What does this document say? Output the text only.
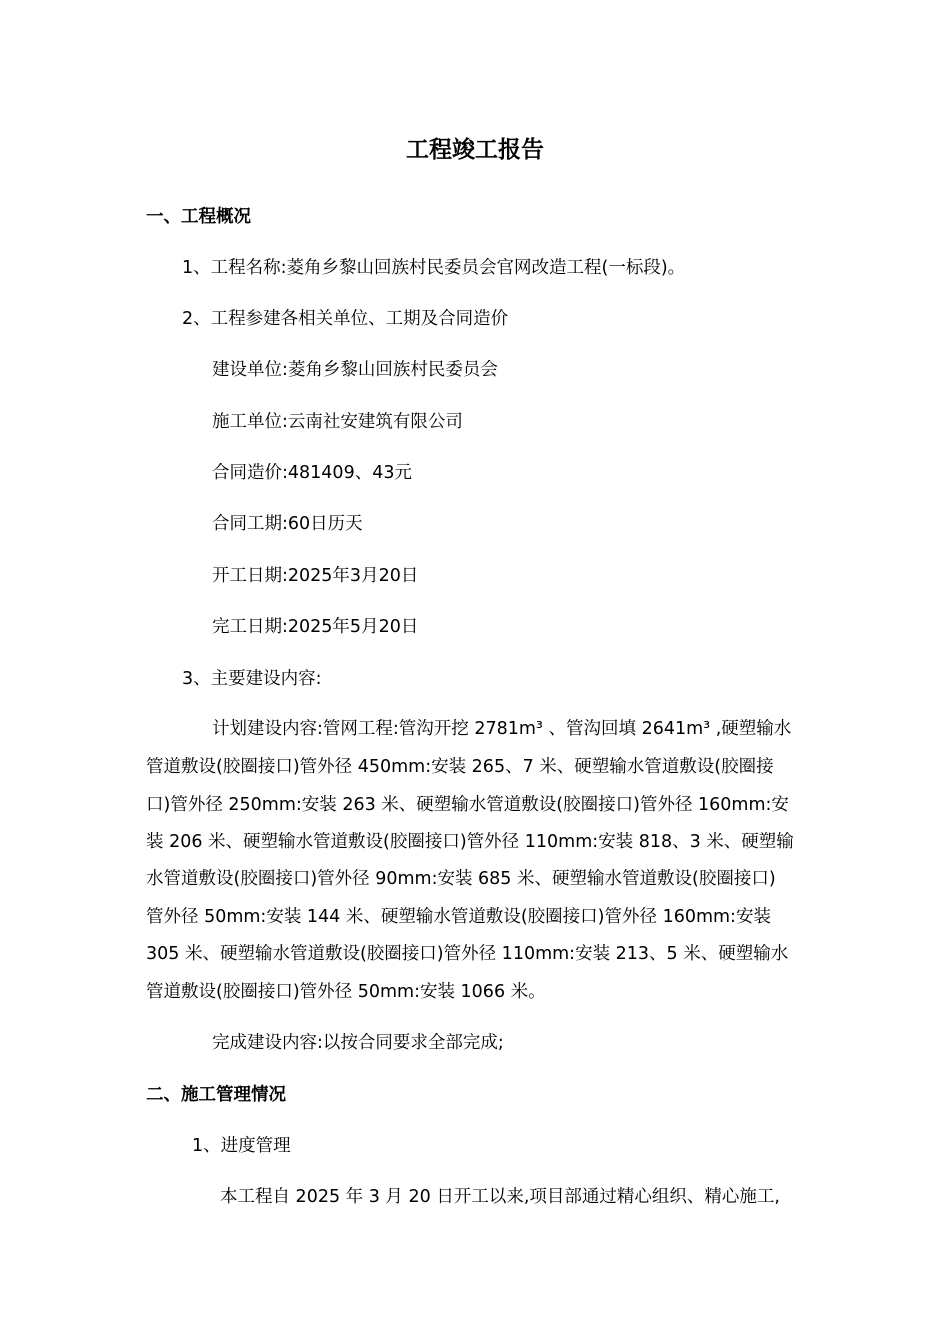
工程竣工报告
一、工程概况
1、工程名称:菱角乡黎山回族村民委员会官网改造工程(一标段)。
2、工程参建各相关单位、工期及合同造价
建设单位:菱角乡黎山回族村民委员会
施工单位:云南社安建筑有限公司
合同造价:481409、43元
合同工期:60日历天
开工日期:2025年3月20日
完工日期:2025年5月20日
3、主要建设内容:
计划建设内容:管网工程:管沟开挖 2781m³ 、管沟回填 2641m³ ,硬塑输水
管道敷设(胶圈接口)管外径 450mm:安装 265、7 米、硬塑输水管道敷设(胶圈接
口)管外径 250mm:安装 263 米、硬塑输水管道敷设(胶圈接口)管外径 160mm:安
装 206 米、硬塑输水管道敷设(胶圈接口)管外径 110mm:安装 818、3 米、硬塑输
水管道敷设(胶圈接口)管外径 90mm:安装 685 米、硬塑输水管道敷设(胶圈接口)
管外径 50mm:安装 144 米、硬塑输水管道敷设(胶圈接口)管外径 160mm:安装
305 米、硬塑输水管道敷设(胶圈接口)管外径 110mm:安装 213、5 米、硬塑输水
管道敷设(胶圈接口)管外径 50mm:安装 1066 米。
完成建设内容:以按合同要求全部完成;
二、施工管理情况
1、进度管理
本工程自 2025 年 3 月 20 日开工以来,项目部通过精心组织、精心施工,
